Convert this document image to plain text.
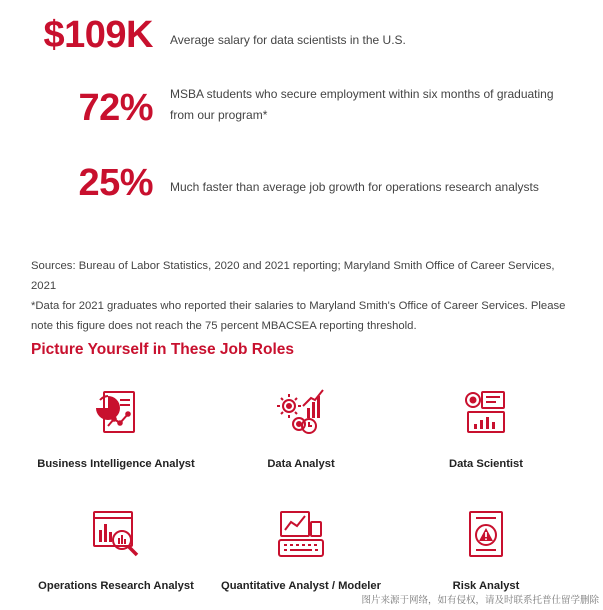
$109K Average salary for data scientists in the U.S.
72% MSBA students who secure employment within six months of graduating from our program*
25% Much faster than average job growth for operations research analysts

Sources: Bureau of Labor Statistics, 2020 and 2021 reporting; Maryland Smith Office of Career Services, 2021

*Data for 2021 graduates who reported their salaries to Maryland Smith's Office of Career Services. Please note this figure does not reach the 75 percent MBACSEA reporting threshold.

Picture Yourself in These Job Roles
Business Intelligence Analyst	Data Analyst	Data Scientist
Operations Research Analyst	Quantitative Analyst / Modeler	Risk Analyst
图片来源于网络，如有侵权，请及时联系托普仕留学删除
